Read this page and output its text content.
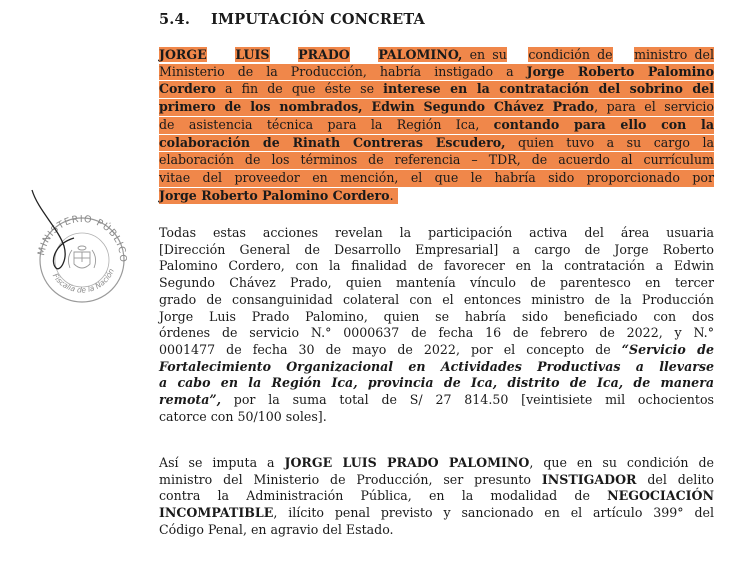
5.4. IMPUTACIÓN CONCRETA
JORGE LUIS PRADO PALOMINO, en su condición de ministro del
Ministerio de la Producción, habría instigado a Jorge Roberto Palomino
Cordero a fin de que éste se interese en la contratación del sobrino del
primero de los nombrados, Edwin Segundo Chávez Prado, para el servicio
de asistencia técnica para la Región Ica, contando para ello con la
colaboración de Rinath Contreras Escudero, quien tuvo a su cargo la
elaboración de los términos de referencia – TDR, de acuerdo al currículum
vitae del proveedor en mención, el que le habría sido proporcionado por
Jorge Roberto Palomino Cordero.
MINISTERIO PÚBLICO
Fiscalía de la Nación
Todas estas acciones revelan la participación activa del área usuaria
[Dirección General de Desarrollo Empresarial] a cargo de Jorge Roberto
Palomino Cordero, con la finalidad de favorecer en la contratación a Edwin
Segundo Chávez Prado, quien mantenía vínculo de parentesco en tercer
grado de consanguinidad colateral con el entonces ministro de la Producción
Jorge Luis Prado Palomino, quien se habría sido beneficiado con dos
órdenes de servicio N.° 0000637 de fecha 16 de febrero de 2022, y N.°
0001477 de fecha 30 de mayo de 2022, por el concepto de “Servicio de
Fortalecimiento Organizacional en Actividades Productivas a llevarse
a cabo en la Región Ica, provincia de Ica, distrito de Ica, de manera
remota”, por la suma total de S/ 27 814.50 [veintisiete mil ochocientos
catorce con 50/100 soles].
Así se imputa a JORGE LUIS PRADO PALOMINO, que en su condición de
ministro del Ministerio de Producción, ser presunto INSTIGADOR del delito
contra la Administración Pública, en la modalidad de NEGOCIACIÓN
INCOMPATIBLE, ilícito penal previsto y sancionado en el artículo 399° del
Código Penal, en agravio del Estado.
